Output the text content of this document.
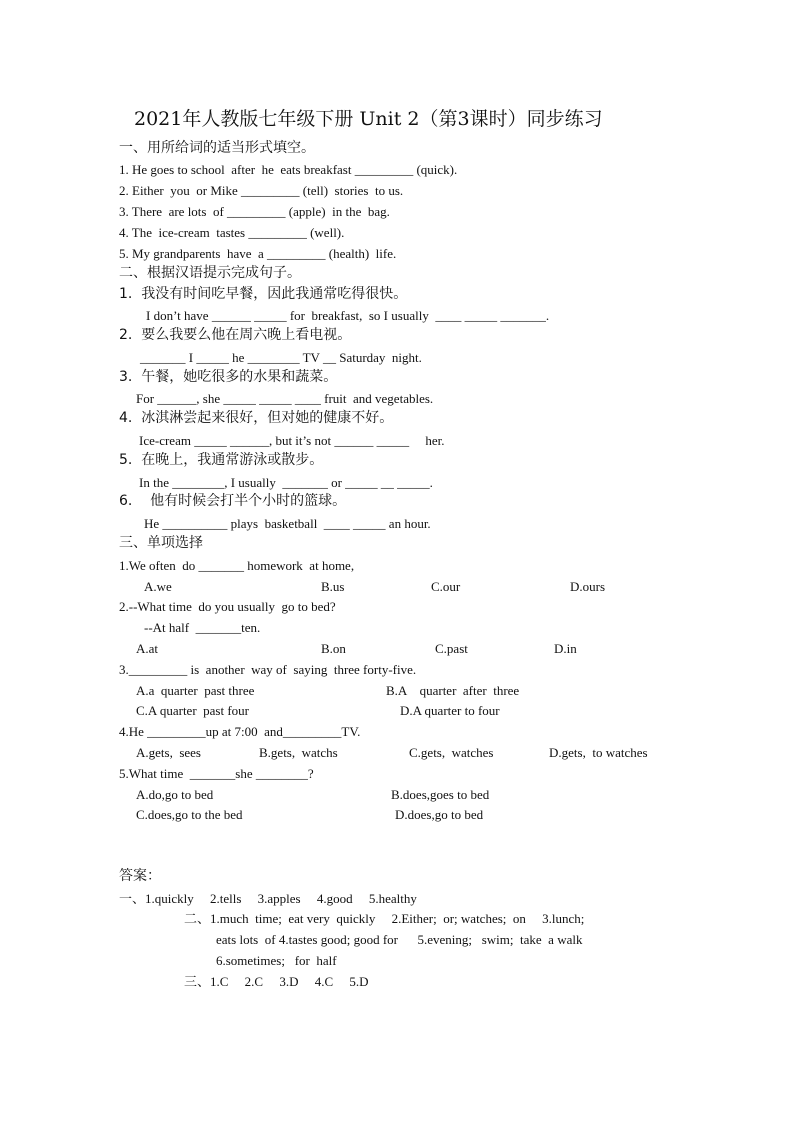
2021年人教版七年级下册 Unit 2（第3课时）同步练习
一、用所给词的适当形式填空。
1. He goes to school  after  he  eats breakfast _________ (quick).
2. Either  you  or Mike _________ (tell)  stories  to us.
3. There  are lots  of _________ (apple)  in the  bag.
4. The  ice-cream  tastes _________ (well).
5. My grandparents  have  a _________ (health)  life.
二、根据汉语提示完成句子。
1.  我没有时间吃早餐，因此我通常吃得很快。
I don’t have ______ _____ for  breakfast,  so I usually  ____ _____ _______.
2.  要么我要么他在周六晚上看电视。
_______ I _____ he ________ TV __ Saturday  night.
3.  午餐，她吃很多的水果和蔬菜。
For ______, she _____ _____ ____ fruit  and vegetables.
4.  冰淇淋尝起来很好，但对她的健康不好。
Ice-cream _____ ______, but it’s not ______ _____     her.
5.  在晚上，我通常游泳或散步。
In the ________, I usually  _______ or _____ __ _____.
6.    他有时候会打半个小时的篮球。
He __________ plays  basketball  ____ _____ an hour.
三、单项选择
1.We often  do _______ homework  at home,
A.we	B.us	C.our	D.ours
2.--What time  do you usually  go to bed?
--At half  _______ten.
A.at	B.on	C.past	D.in
3._________ is  another  way of  saying  three forty-five.
A.a  quarter  past three	B.A    quarter  after  three
C.A quarter  past four	D.A quarter to four
4.He _________up at 7:00  and_________TV.
A.gets,  sees	B.gets,  watchs	C.gets,  watches	D.gets,  to watches
5.What time  _______she ________?
A.do,go to bed	B.does,goes to bed
C.does,go to the bed	D.does,go to bed
答案：
一、1.quickly     2.tells     3.apples     4.good     5.healthy
二、1.much  time;  eat very  quickly     2.Either;  or; watches;  on     3.lunch;
eats lots  of 4.tastes good; good for      5.evening;   swim;  take  a walk
6.sometimes;   for  half
三、1.C     2.C     3.D     4.C     5.D
